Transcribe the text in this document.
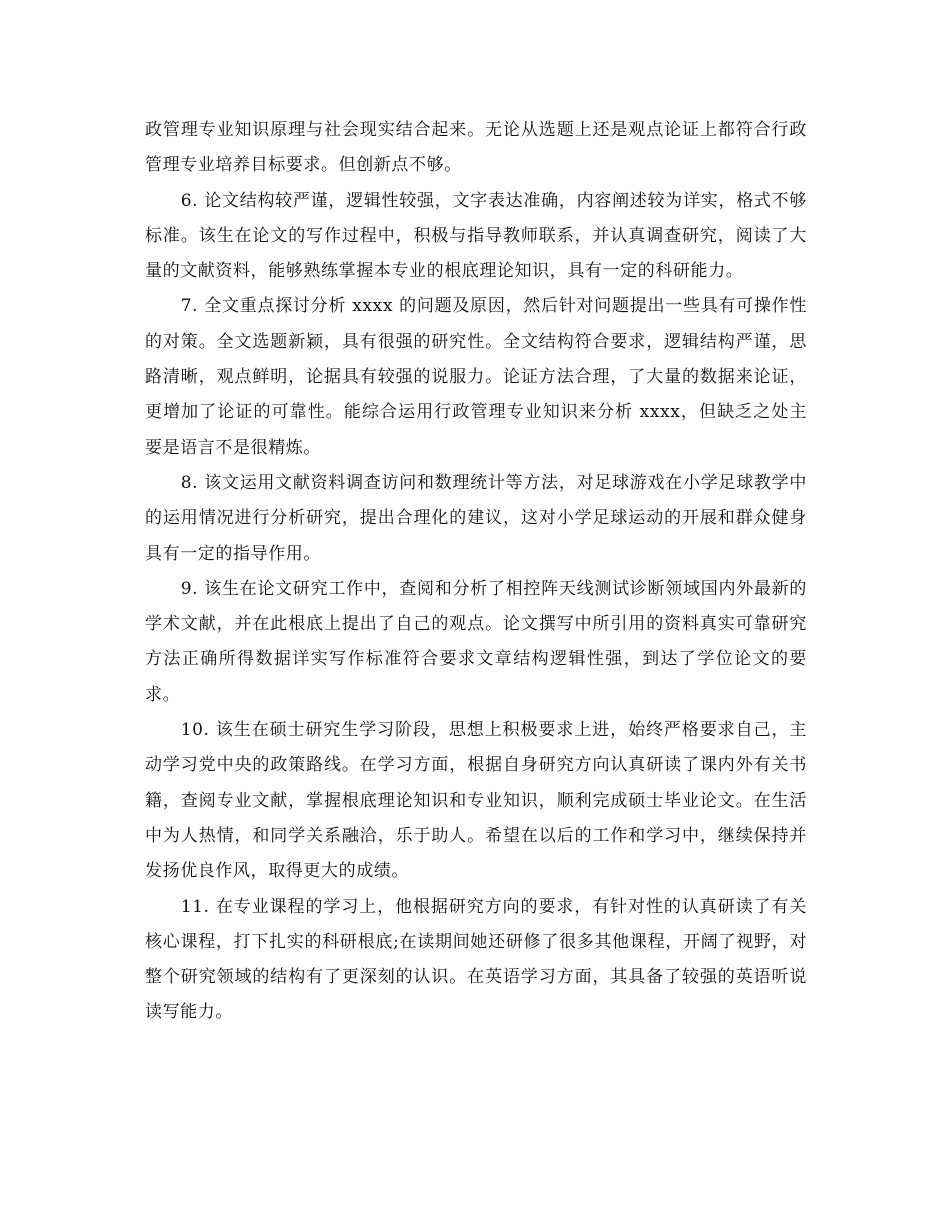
政管理专业知识原理与社会现实结合起来。无论从选题上还是观点论证上都符合行政管理专业培养目标要求。但创新点不够。

6. 论文结构较严谨，逻辑性较强，文字表达准确，内容阐述较为详实，格式不够标准。该生在论文的写作过程中，积极与指导教师联系，并认真调查研究，阅读了大量的文献资料，能够熟练掌握本专业的根底理论知识，具有一定的科研能力。

7. 全文重点探讨分析 xxxx 的问题及原因，然后针对问题提出一些具有可操作性的对策。全文选题新颖，具有很强的研究性。全文结构符合要求，逻辑结构严谨，思路清晰，观点鲜明，论据具有较强的说服力。论证方法合理，了大量的数据来论证，更增加了论证的可靠性。能综合运用行政管理专业知识来分析 xxxx，但缺乏之处主要是语言不是很精炼。

8. 该文运用文献资料调查访问和数理统计等方法，对足球游戏在小学足球教学中的运用情况进行分析研究，提出合理化的建议，这对小学足球运动的开展和群众健身具有一定的指导作用。

9. 该生在论文研究工作中，查阅和分析了相控阵天线测试诊断领域国内外最新的学术文献，并在此根底上提出了自己的观点。论文撰写中所引用的资料真实可靠研究方法正确所得数据详实写作标准符合要求文章结构逻辑性强，到达了学位论文的要求。

10. 该生在硕士研究生学习阶段，思想上积极要求上进，始终严格要求自己，主动学习党中央的政策路线。在学习方面，根据自身研究方向认真研读了课内外有关书籍，查阅专业文献，掌握根底理论知识和专业知识，顺利完成硕士毕业论文。在生活中为人热情，和同学关系融洽，乐于助人。希望在以后的工作和学习中，继续保持并发扬优良作风，取得更大的成绩。

11. 在专业课程的学习上，他根据研究方向的要求，有针对性的认真研读了有关核心课程，打下扎实的科研根底;在读期间她还研修了很多其他课程，开阔了视野，对整个研究领域的结构有了更深刻的认识。在英语学习方面，其具备了较强的英语听说读写能力。
